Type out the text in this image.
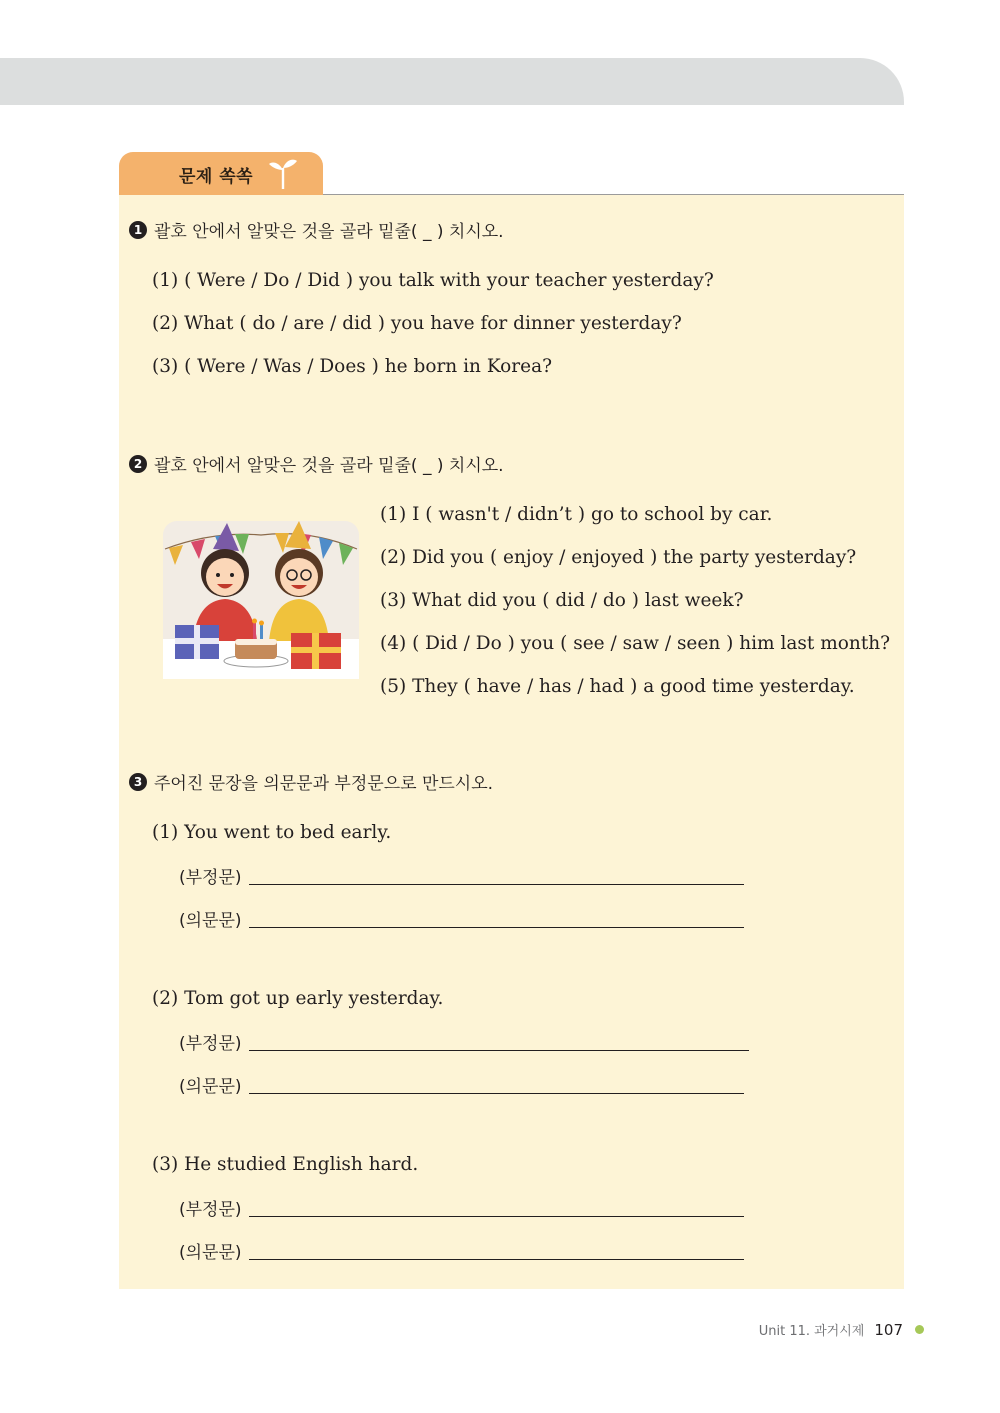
문제 쏙쏙
1 괄호 안에서 알맞은 것을 골라 밑줄( _ ) 치시오.
(1) ( Were / Do / Did ) you talk with your teacher yesterday?
(2) What ( do / are / did ) you have for dinner yesterday?
(3) ( Were / Was / Does ) he born in Korea?
2 괄호 안에서 알맞은 것을 골라 밑줄( _ ) 치시오.
(1) I ( wasn't / didn’t ) go to school by car.
(2) Did you ( enjoy / enjoyed ) the party yesterday?
(3) What did you ( did / do ) last week?
(4) ( Did / Do ) you ( see / saw / seen ) him last month?
(5) They ( have / has / had ) a good time yesterday.
3 주어진 문장을 의문문과 부정문으로 만드시오.
(1) You went to bed early.
(부정문)
(의문문)
(2) Tom got up early yesterday.
(부정문)
(의문문)
(3) He studied English hard.
(부정문)
(의문문)
Unit 11. 과거시제 107
